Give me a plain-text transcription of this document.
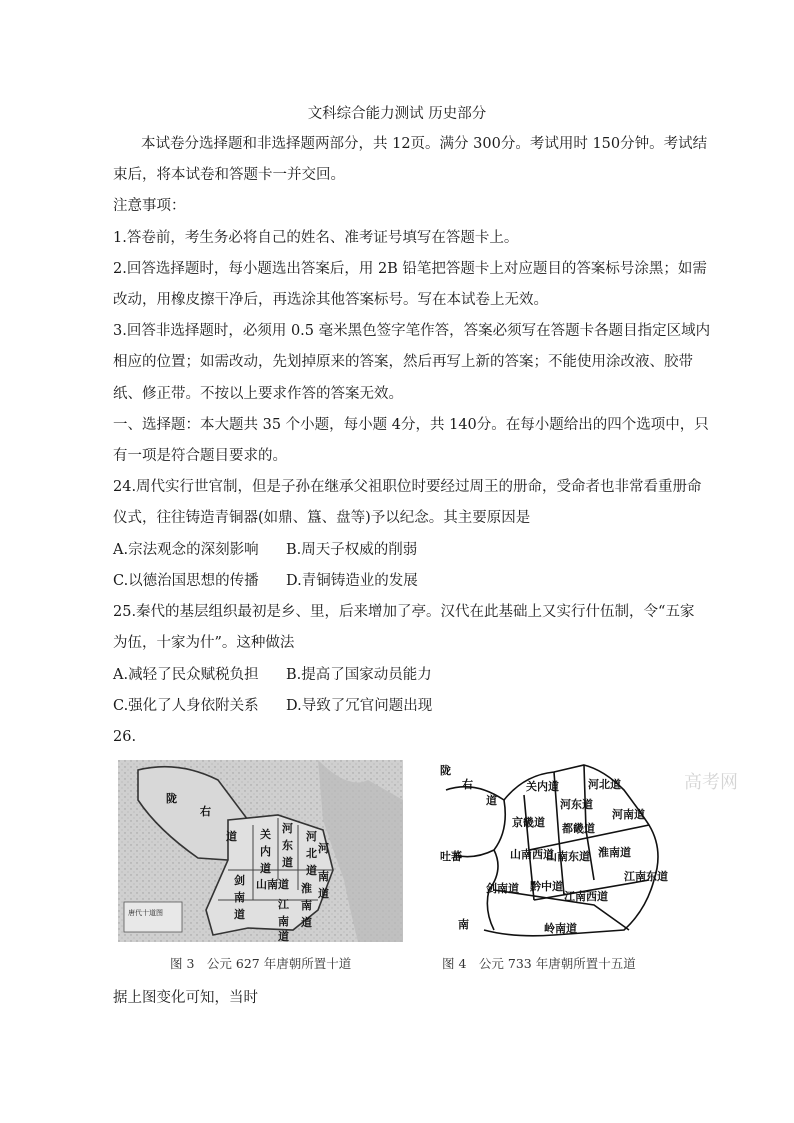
文科综合能力测试 历史部分
本试卷分选择题和非选择题两部分，共 12页。满分 300分。考试用时 150分钟。考试结
束后，将本试卷和答题卡一并交回。
注意事项：
1.答卷前，考生务必将自己的姓名、准考证号填写在答题卡上。
2.回答选择题时，每小题选出答案后，用 2B 铅笔把答题卡上对应题目的答案标号涂黑；如需
改动，用橡皮擦干净后，再选涂其他答案标号。写在本试卷上无效。
3.回答非选择题时，必须用 0.5 毫米黑色签字笔作答，答案必须写在答题卡各题目指定区域内
相应的位置；如需改动，先划掉原来的答案，然后再写上新的答案；不能使用涂改液、胶带
纸、修正带。不按以上要求作答的答案无效。
一、选择题：本大题共 35 个小题，每小题 4分，共 140分。在每小题给出的四个选项中，只
有一项是符合题目要求的。
24.周代实行世官制，但是子孙在继承父祖职位时要经过周王的册命，受命者也非常看重册命
仪式，往往铸造青铜器(如鼎、簋、盘等)予以纪念。其主要原因是
A.宗法观念的深刻影响 B.周天子权威的削弱
C.以德治国思想的传播 D.青铜铸造业的发展
25.秦代的基层组织最初是乡、里，后来增加了亭。汉代在此基础上又实行什伍制，令“五家
为伍，十家为什”。这种做法
A.减轻了民众赋税负担 B.提高了国家动员能力
C.强化了人身依附关系 D.导致了冗官问题出现
26.
唐代十道图
陇
右
道 关
内
道
河
东
道
河
北
道
河
南
道
山南道
剑
南
道
淮
南
道
江
南
道
图 3　公元 627 年唐朝所置十道
高考网
陇
右
道
关内道	河北道
河东道
河南道
京畿道 都畿道
山南西道
山南东道 淮南道
吐蕃
剑南道 黔中道
江南东道
江南西道
岭南道
南
图 4　公元 733 年唐朝所置十五道
据上图变化可知，当时
